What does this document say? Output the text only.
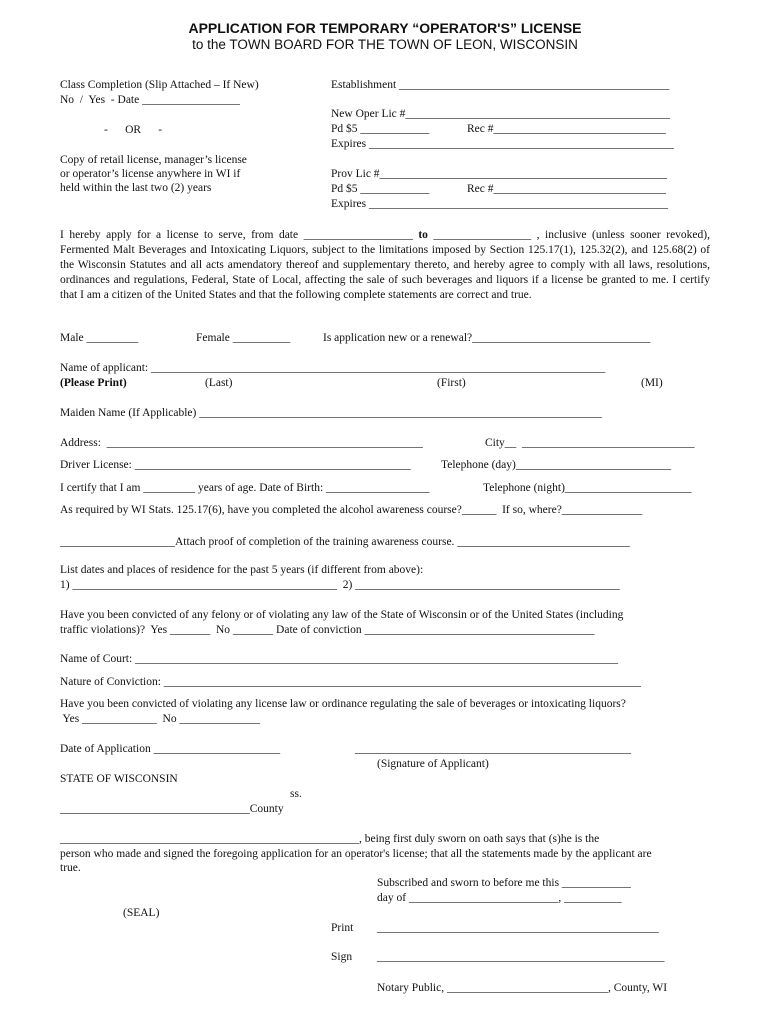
APPLICATION FOR TEMPORARY “OPERATOR'S” LICENSE
to the TOWN BOARD FOR THE TOWN OF LEON, WISCONSIN
Class Completion (Slip Attached – If New)
No  /  Yes  - Date _________________
-      OR      -
Copy of retail license, manager’s license
or operator’s license anywhere in WI if
held within the last two (2) years
Establishment _______________________________________________
New Oper Lic #______________________________________________
Pd $5 ____________	Rec #______________________________
Expires _____________________________________________________
Prov Lic #__________________________________________________
Pd $5 ____________	Rec #______________________________
Expires ____________________________________________________
I hereby apply for a license to serve, from date ___________________ to _________________ , inclusive (unless sooner revoked), Fermented Malt Beverages and Intoxicating Liquors, subject to the limitations imposed by Section 125.17(1), 125.32(2), and 125.68(2) of the Wisconsin Statutes and all acts amendatory thereof and supplementary thereto, and hereby agree to comply with all laws, resolutions, ordinances and regulations, Federal, State of Local, affecting the sale of such beverages and liquors if a license be granted to me. I certify that I am a citizen of the United States and that the following complete statements are correct and true.
Male _________	Female __________	Is application new or a renewal?_______________________________
Name of applicant: _______________________________________________________________________________
(Please Print)	(Last)	(First)	(MI)
Maiden Name (If Applicable) ______________________________________________________________________
Address:  _______________________________________________________	City__  ______________________________
Driver License: ________________________________________________	Telephone (day)___________________________
I certify that I am _________ years of age. Date of Birth: __________________	Telephone (night)______________________
As required by WI Stats. 125.17(6), have you completed the alcohol awareness course?______  If so, where?______________
____________________Attach proof of completion of the training awareness course. ______________________________
List dates and places of residence for the past 5 years (if different from above):
1) ______________________________________________  2) ______________________________________________
Have you been convicted of any felony or of violating any law of the State of Wisconsin or of the United States (including
traffic violations)?  Yes _______  No _______ Date of conviction ________________________________________
Name of Court: ____________________________________________________________________________________
Nature of Conviction: ___________________________________________________________________________________
Have you been convicted of violating any license law or ordinance regulating the sale of beverages or intoxicating liquors?
Yes _____________  No ______________
Date of Application ______________________	________________________________________________
(Signature of Applicant)
STATE OF WISCONSIN
ss.
_________________________________County
____________________________________________________, being first duly sworn on oath says that (s)he is the
person who made and signed the foregoing application for an operator's license; that all the statements made by the applicant are
true.
Subscribed and sworn to before me this ____________
day of __________________________, __________
(SEAL)
Print _________________________________________________
Sign __________________________________________________
Notary Public, ____________________________, County, WI
